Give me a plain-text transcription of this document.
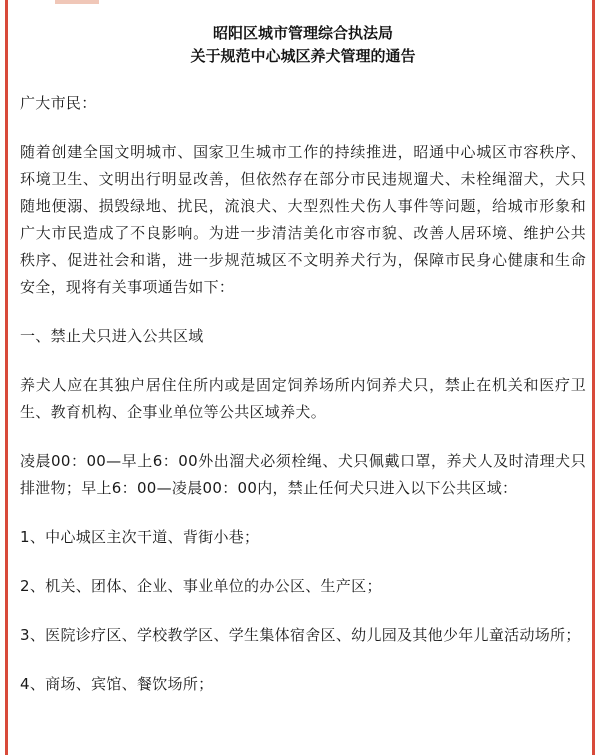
昭阳区城市管理综合执法局
关于规范中心城区养犬管理的通告

广大市民：

随着创建全国文明城市、国家卫生城市工作的持续推进，昭通中心城区市容秩序、环境卫生、文明出行明显改善，但依然存在部分市民违规遛犬、未栓绳溜犬，犬只随地便溺、损毁绿地、扰民，流浪犬、大型烈性犬伤人事件等问题，给城市形象和广大市民造成了不良影响。为进一步清洁美化市容市貌、改善人居环境、维护公共秩序、促进社会和谐，进一步规范城区不文明养犬行为，保障市民身心健康和生命安全，现将有关事项通告如下：

一、禁止犬只进入公共区域

养犬人应在其独户居住住所内或是固定饲养场所内饲养犬只，禁止在机关和医疗卫生、教育机构、企事业单位等公共区域养犬。

凌晨00：00—早上6：00外出溜犬必须栓绳、犬只佩戴口罩，养犬人及时清理犬只排泄物；早上6：00—凌晨00：00内，禁止任何犬只进入以下公共区域：

1、中心城区主次干道、背街小巷；

2、机关、团体、企业、事业单位的办公区、生产区；

3、医院诊疗区、学校教学区、学生集体宿舍区、幼儿园及其他少年儿童活动场所；

4、商场、宾馆、餐饮场所；
